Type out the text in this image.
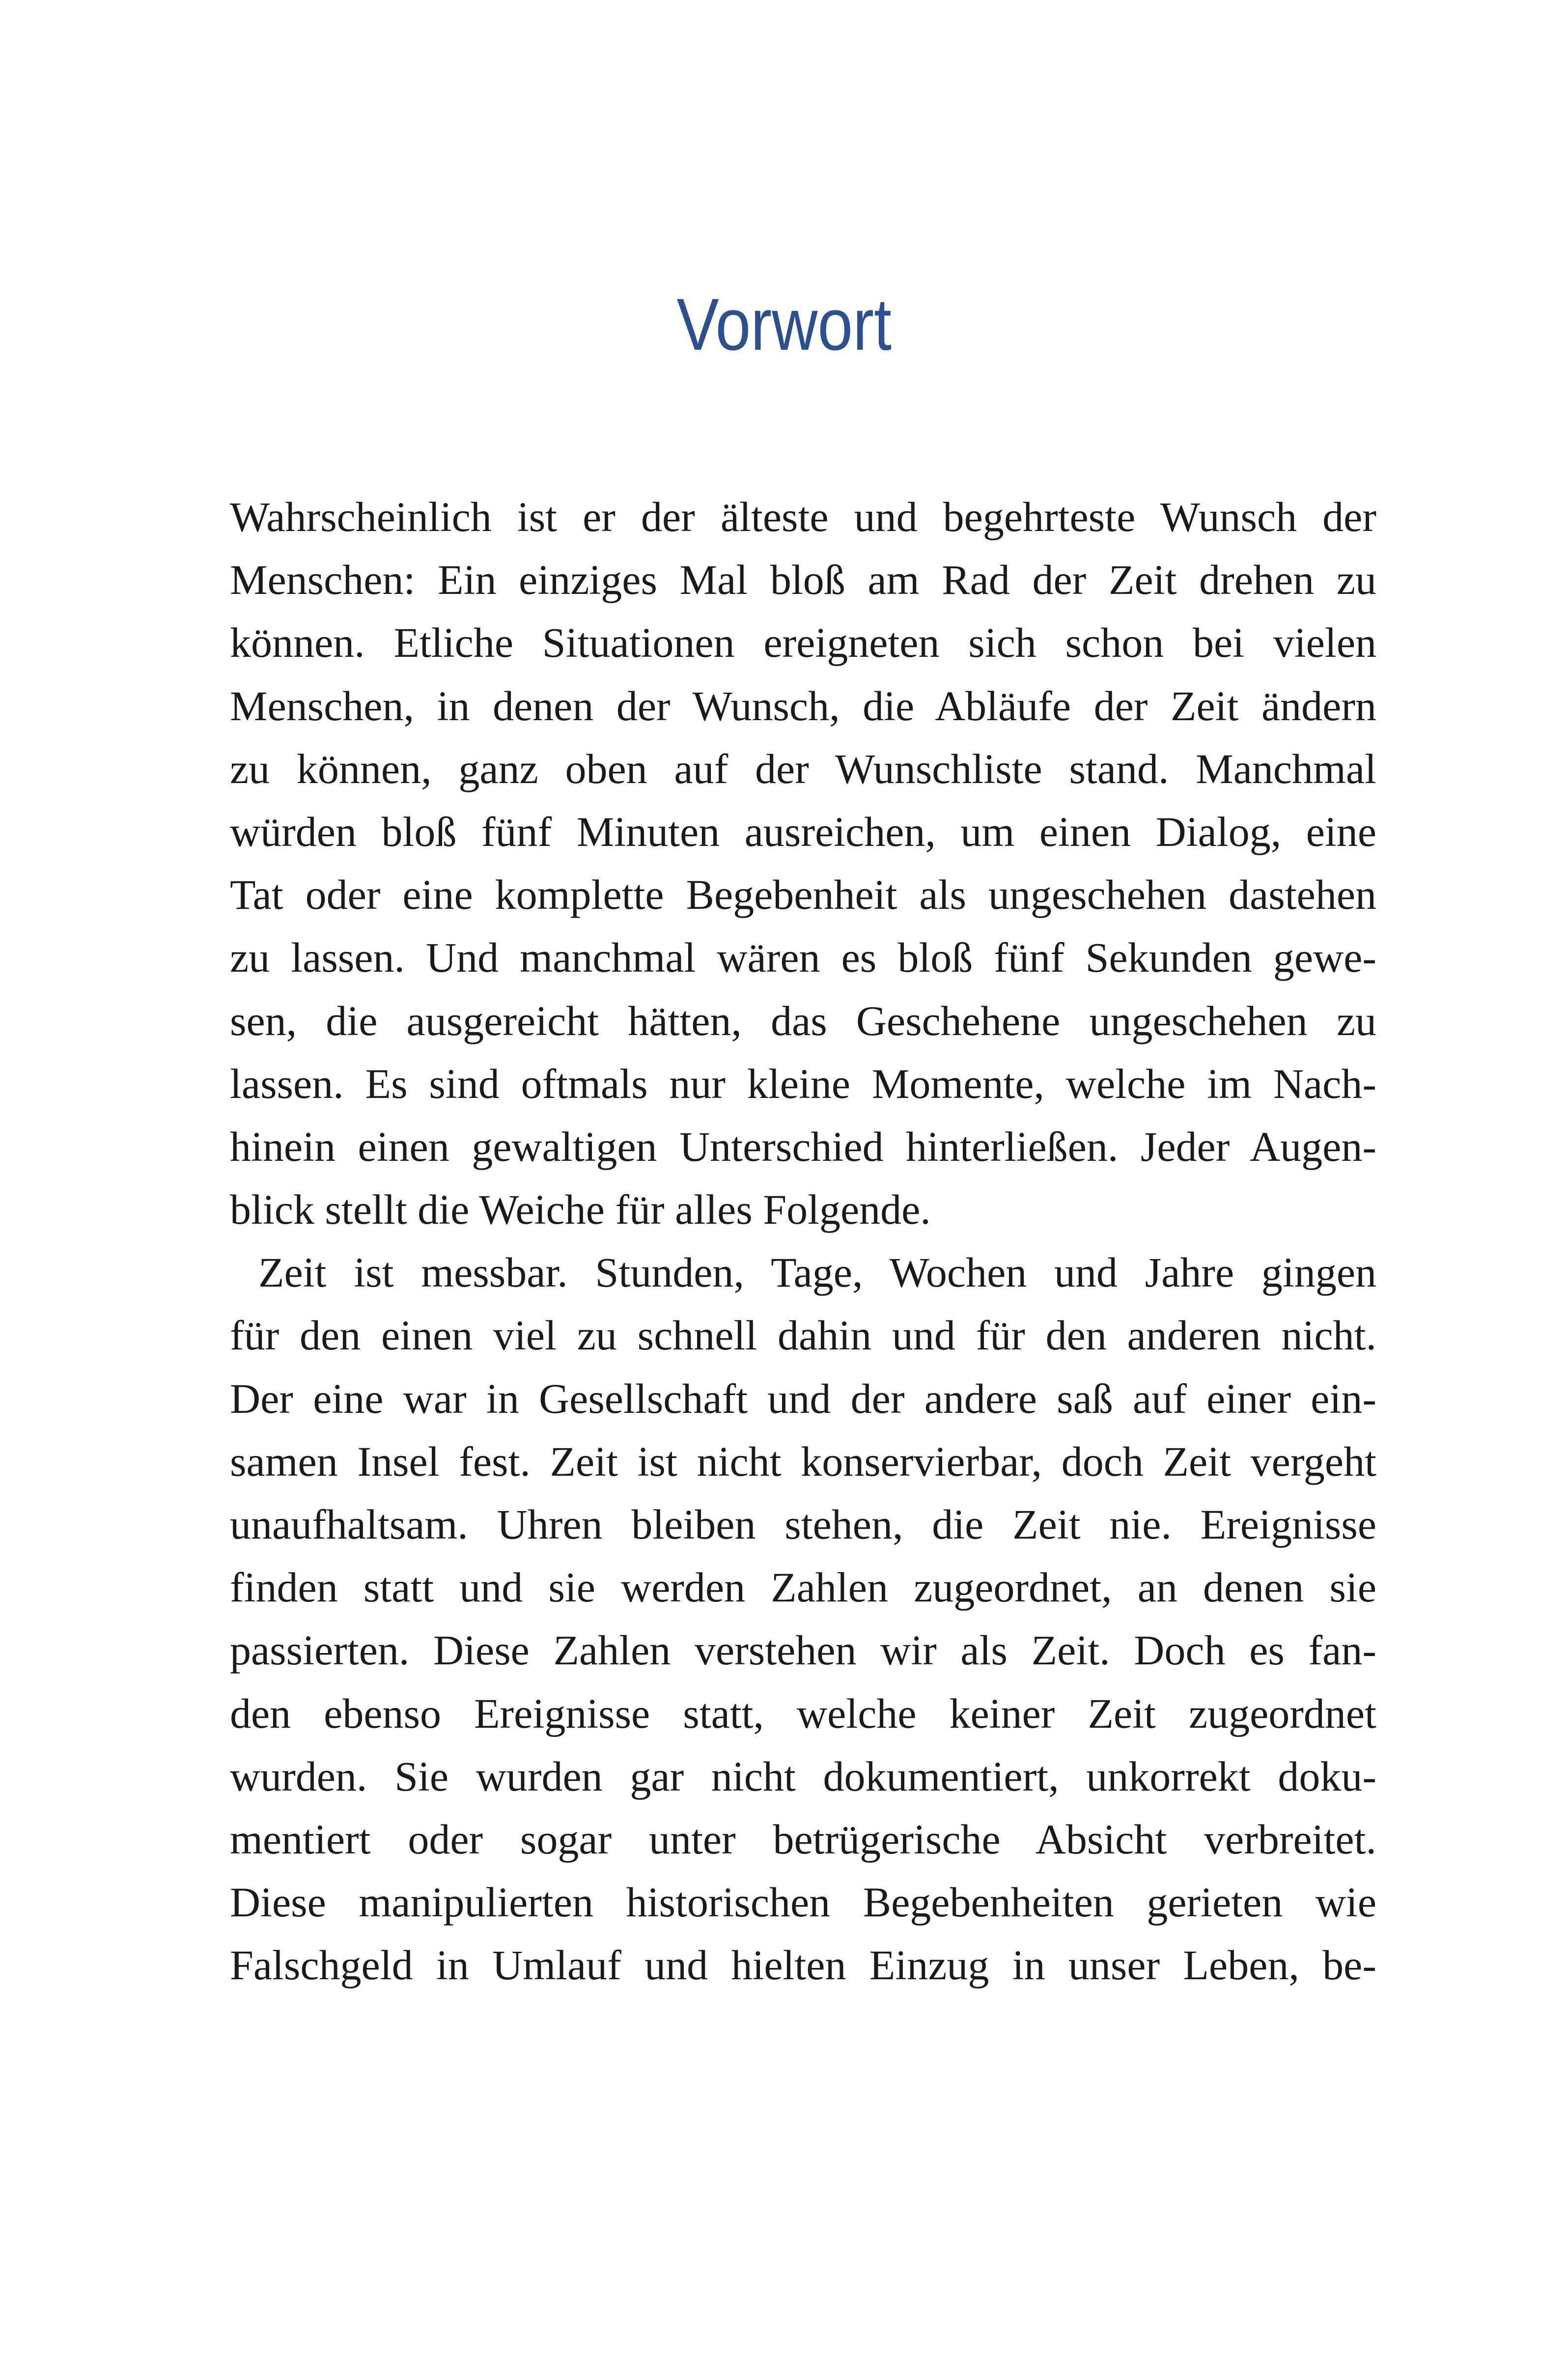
Vorwort
Wahrscheinlich ist er der älteste und begehrteste Wunsch der
Menschen: Ein einziges Mal bloß am Rad der Zeit drehen zu
können. Etliche Situationen ereigneten sich schon bei vielen
Menschen, in denen der Wunsch, die Abläufe der Zeit ändern
zu können, ganz oben auf der Wunschliste stand. Manchmal
würden bloß fünf Minuten ausreichen, um einen Dialog, eine
Tat oder eine komplette Begebenheit als ungeschehen dastehen
zu lassen. Und manchmal wären es bloß fünf Sekunden gewe-
sen, die ausgereicht hätten, das Geschehene ungeschehen zu
lassen. Es sind oftmals nur kleine Momente, welche im Nach-
hinein einen gewaltigen Unterschied hinterließen. Jeder Augen-
blick stellt die Weiche für alles Folgende.
Zeit ist messbar. Stunden, Tage, Wochen und Jahre gingen
für den einen viel zu schnell dahin und für den anderen nicht.
Der eine war in Gesellschaft und der andere saß auf einer ein-
samen Insel fest. Zeit ist nicht konservierbar, doch Zeit vergeht
unaufhaltsam. Uhren bleiben stehen, die Zeit nie. Ereignisse
finden statt und sie werden Zahlen zugeordnet, an denen sie
passierten. Diese Zahlen verstehen wir als Zeit. Doch es fan-
den ebenso Ereignisse statt, welche keiner Zeit zugeordnet
wurden. Sie wurden gar nicht dokumentiert, unkorrekt doku-
mentiert oder sogar unter betrügerische Absicht verbreitet.
Diese manipulierten historischen Begebenheiten gerieten wie
Falschgeld in Umlauf und hielten Einzug in unser Leben, be-
